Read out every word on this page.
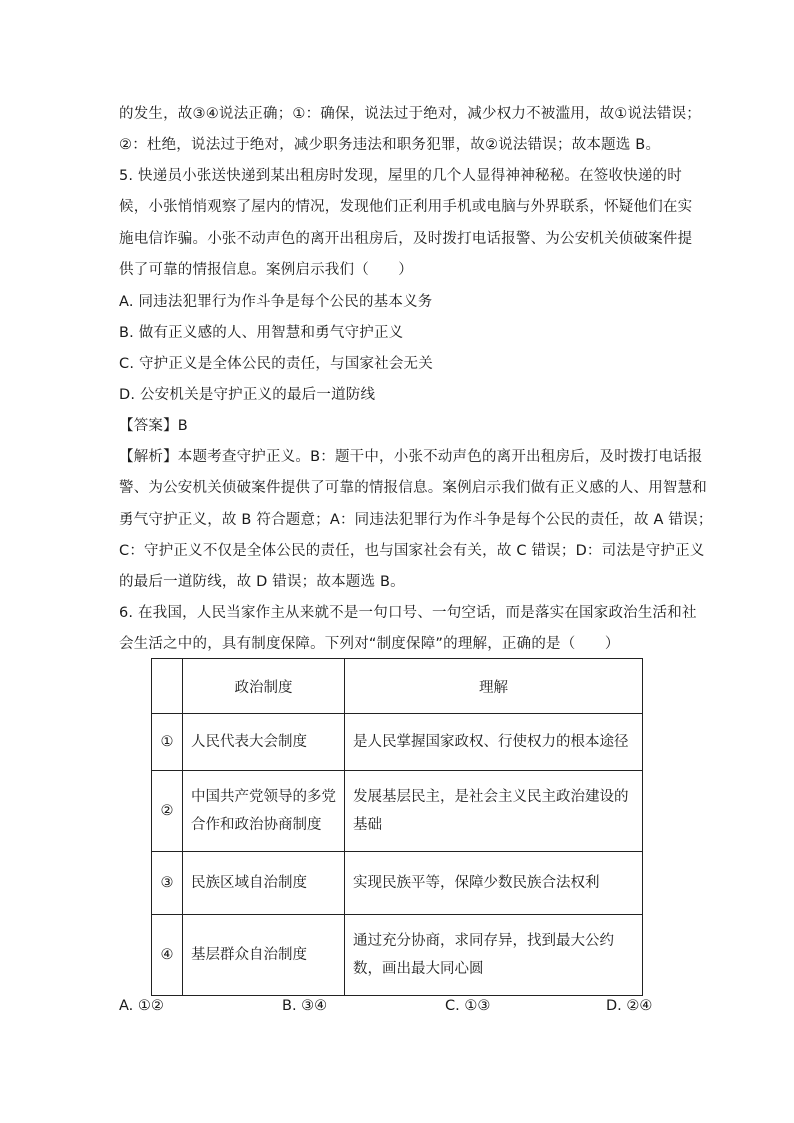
的发生，故③④说法正确；①：确保，说法过于绝对，减少权力不被滥用，故①说法错误；
②：杜绝，说法过于绝对，减少职务违法和职务犯罪，故②说法错误；故本题选 B。
5. 快递员小张送快递到某出租房时发现，屋里的几个人显得神神秘秘。在签收快递的时
候，小张悄悄观察了屋内的情况，发现他们正利用手机或电脑与外界联系，怀疑他们在实
施电信诈骗。小张不动声色的离开出租房后，及时拨打电话报警、为公安机关侦破案件提
供了可靠的情报信息。案例启示我们（　　）
A. 同违法犯罪行为作斗争是每个公民的基本义务
B. 做有正义感的人、用智慧和勇气守护正义
C. 守护正义是全体公民的责任，与国家社会无关
D. 公安机关是守护正义的最后一道防线
【答案】B
【解析】本题考查守护正义。B：题干中，小张不动声色的离开出租房后，及时拨打电话报
警、为公安机关侦破案件提供了可靠的情报信息。案例启示我们做有正义感的人、用智慧和
勇气守护正义，故 B 符合题意；A：同违法犯罪行为作斗争是每个公民的责任，故 A 错误；
C：守护正义不仅是全体公民的责任，也与国家社会有关，故 C 错误；D：司法是守护正义
的最后一道防线，故 D 错误；故本题选 B。
6. 在我国，人民当家作主从来就不是一句口号、一句空话，而是落实在国家政治生活和社
会生活之中的，具有制度保障。下列对“制度保障”的理解，正确的是（　　）
	政治制度	理解
①	人民代表大会制度	是人民掌握国家政权、行使权力的根本途径
②	中国共产党领导的多党合作和政治协商制度	发展基层民主，是社会主义民主政治建设的基础
③	民族区域自治制度	实现民族平等，保障少数民族合法权利
④	基层群众自治制度	通过充分协商，求同存异，找到最大公约数，画出最大同心圆
A. ①②	B. ③④	C. ①③	D. ②④
